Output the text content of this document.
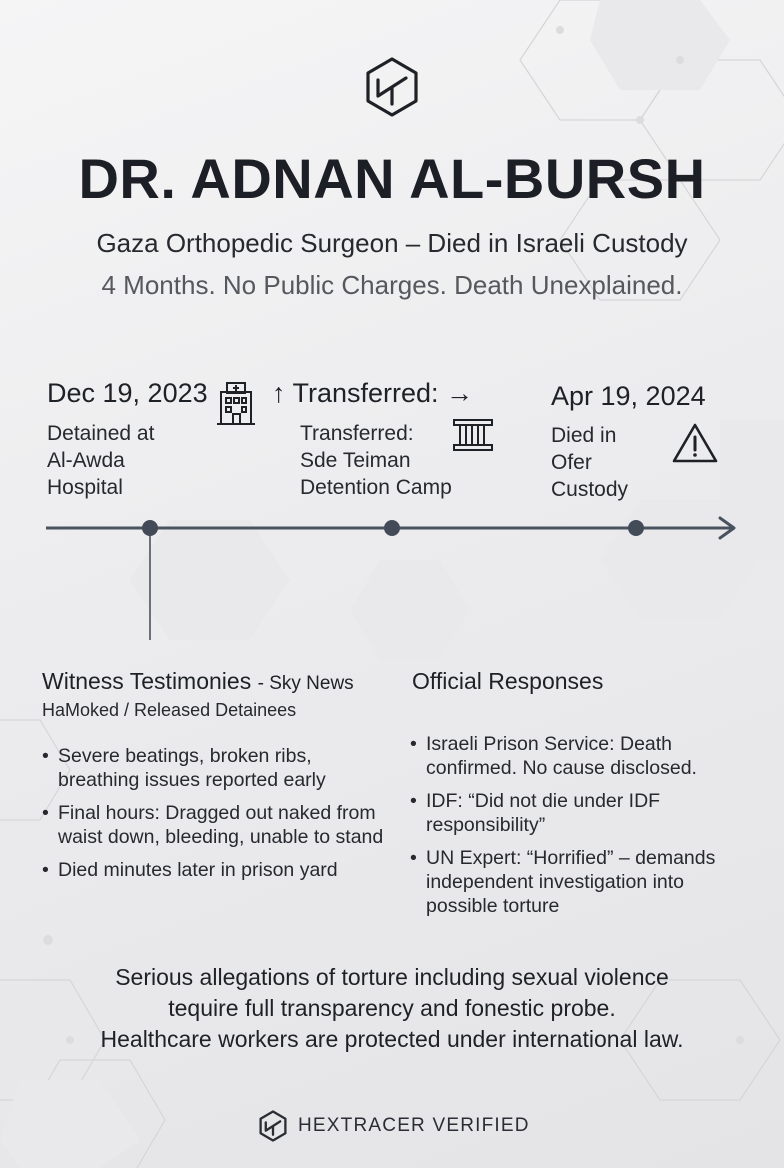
DR. ADNAN AL-BURSH
Gaza Orthopedic Surgeon – Died in Israeli Custody
4 Months. No Public Charges. Death Unexplained.
Dec 19, 2023
Detained at
Al-Awda
Hospital
↑ Transferred: →
Transferred:
Sde Teiman
Detention Camp
Apr 19, 2024
Died in
Ofer
Custody
Witness Testimonies - Sky News
HaMoked / Released Detainees
• Severe beatings, broken ribs, breathing issues reported early
• Final hours: Dragged out naked from waist down, bleeding, unable to stand
• Died minutes later in prison yard
Official Responses
• Israeli Prison Service: Death confirmed. No cause disclosed.
• IDF: “Did not die under IDF responsibility”
• UN Expert: “Horrified” – demands independent investigation into possible torture
Serious allegations of torture including sexual violence
tequire full transparency and fonestic probe.
Healthcare workers are protected under international law.
HEXTRACER VERIFIED
